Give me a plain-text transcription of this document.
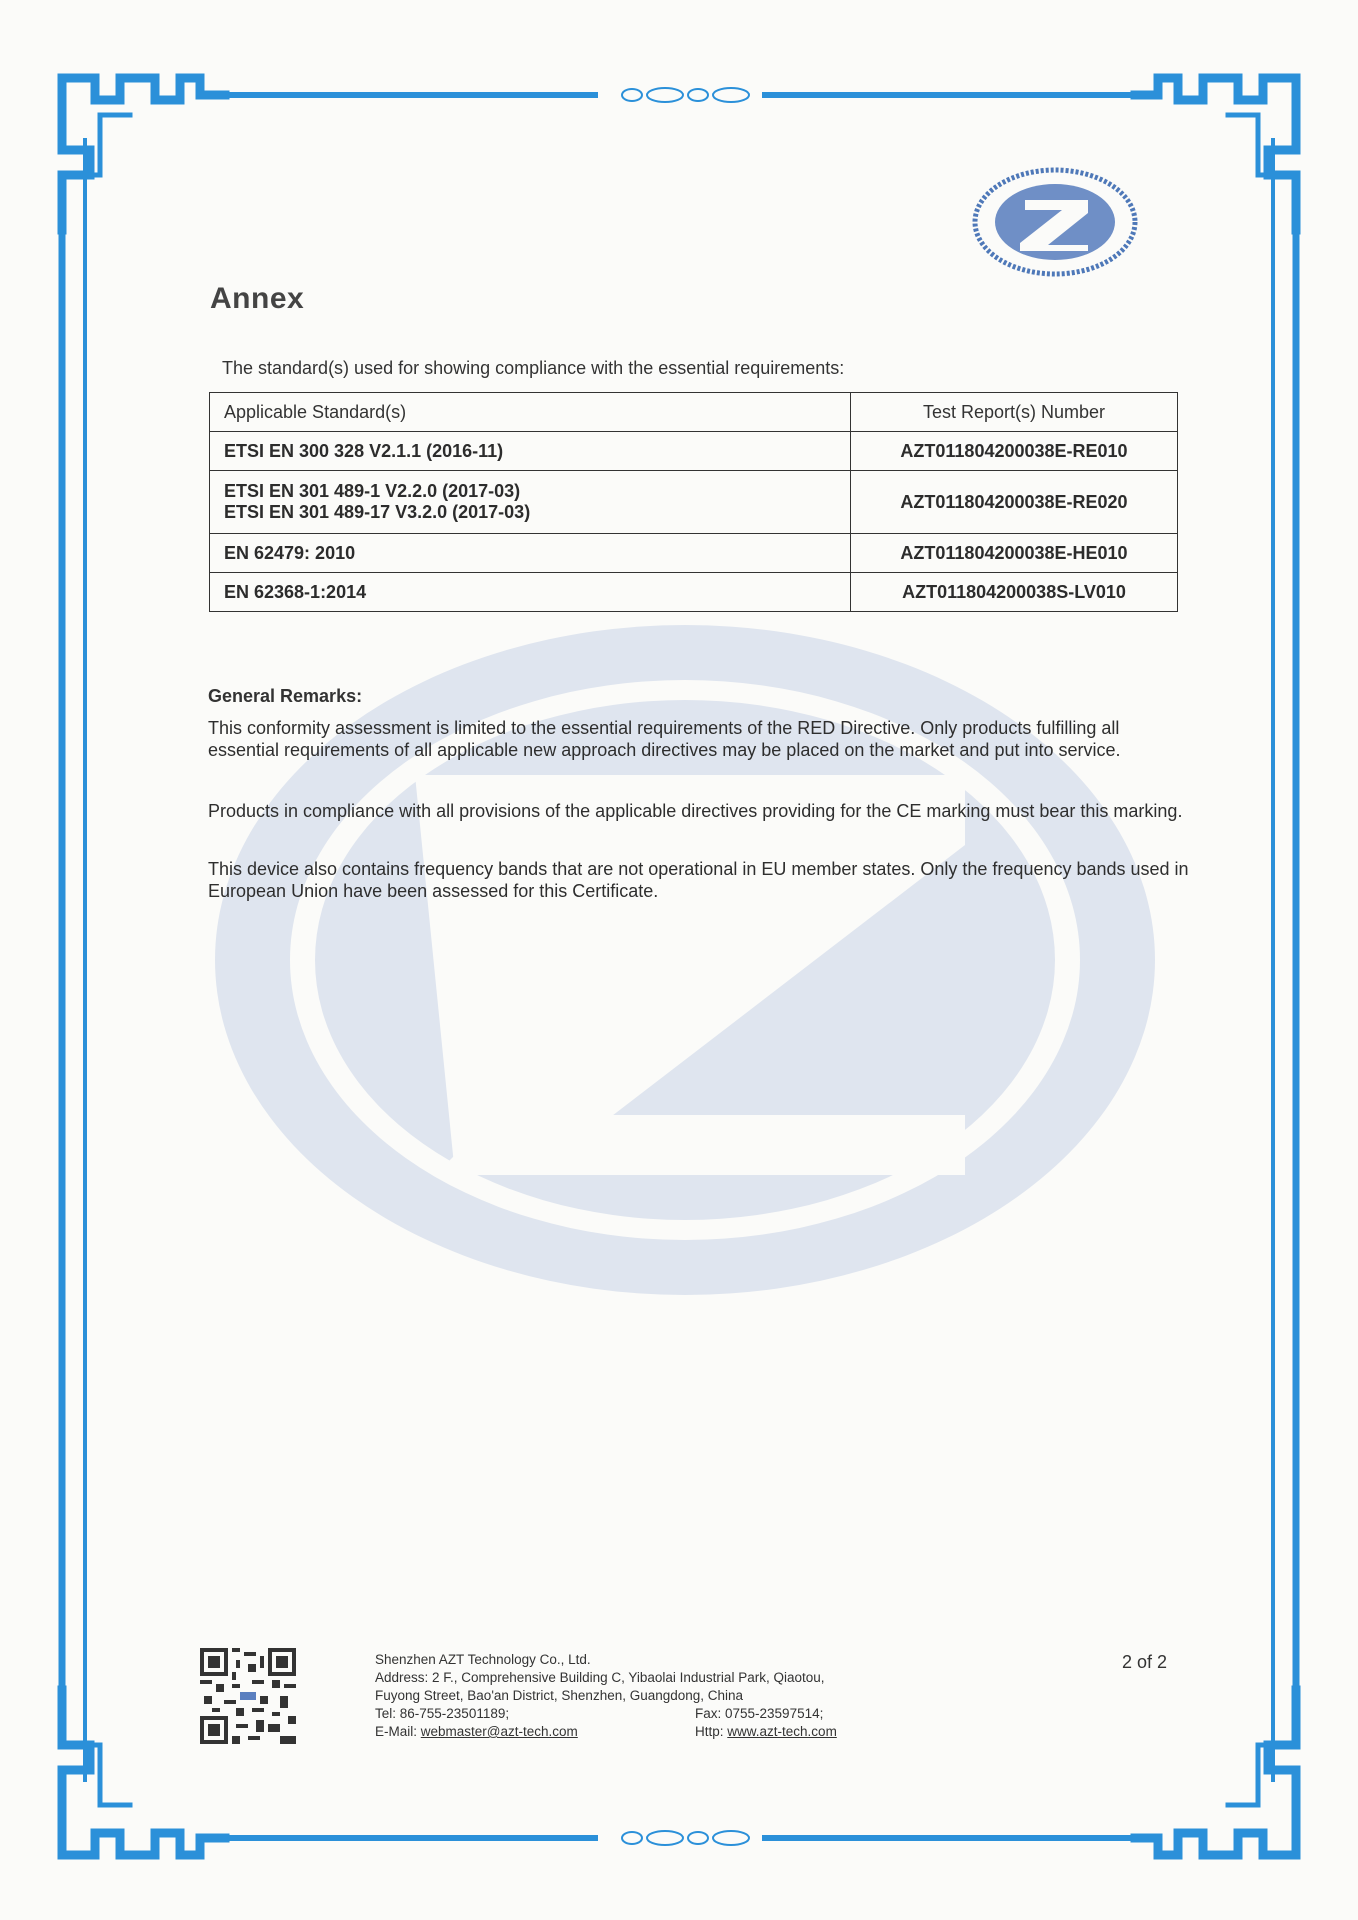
Annex
The standard(s) used for showing compliance with the essential requirements:
Applicable Standard(s)	Test Report(s) Number
ETSI EN 300 328 V2.1.1 (2016-11)	AZT011804200038E-RE010

ETSI EN 301 489-1 V2.2.0 (2017-03)
ETSI EN 301 489-17 V3.2.0 (2017-03)	AZT011804200038E-RE020
EN 62479: 2010	AZT011804200038E-HE010
EN 62368-1:2014	AZT011804200038S-LV010
General Remarks:
This conformity assessment is limited to the essential requirements of the RED Directive. Only products fulfilling all essential requirements of all applicable new approach directives may be placed on the market and put into service.
Products in compliance with all provisions of the applicable directives providing for the CE marking must bear this marking.
This device also contains frequency bands that are not operational in EU member states. Only the frequency bands used in European Union have been assessed for this Certificate.
Shenzhen AZT Technology Co., Ltd.
Address: 2 F., Comprehensive Building C, Yibaolai Industrial Park, Qiaotou,
Fuyong Street, Bao'an District, Shenzhen, Guangdong, China
Tel: 86-755-23501189;	Fax: 0755-23597514;
E-Mail: webmaster@azt-tech.com	Http: www.azt-tech.com
2 of 2
